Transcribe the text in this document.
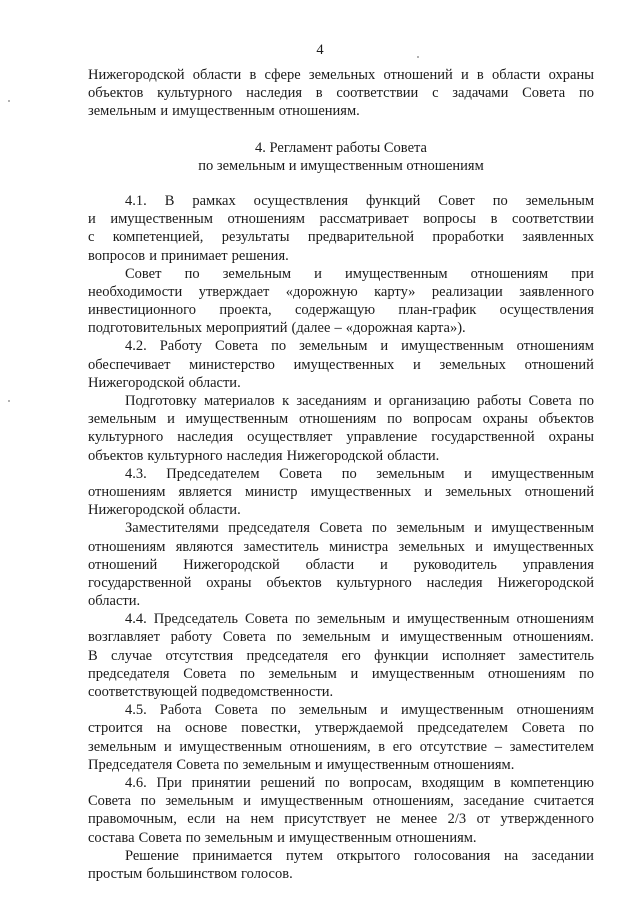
4
Нижегородской области в сфере земельных отношений и в области охраны
объектов культурного наследия в соответствии с задачами Совета по
земельным и имущественным отношениям.
4. Регламент работы Совета
по земельным и имущественным отношениям
4.1. В рамках осуществления функций Совет по земельным
и имущественным отношениям рассматривает вопросы в соответствии
с компетенцией, результаты предварительной проработки заявленных
вопросов и принимает решения.
Совет по земельным и имущественным отношениям при
необходимости утверждает «дорожную карту» реализации заявленного
инвестиционного проекта, содержащую план-график осуществления
подготовительных мероприятий (далее – «дорожная карта»).
4.2. Работу Совета по земельным и имущественным отношениям
обеспечивает министерство имущественных и земельных отношений
Нижегородской области.
Подготовку материалов к заседаниям и организацию работы Совета по
земельным и имущественным отношениям по вопросам охраны объектов
культурного наследия осуществляет управление государственной охраны
объектов культурного наследия Нижегородской области.
4.3. Председателем Совета по земельным и имущественным
отношениям является министр имущественных и земельных отношений
Нижегородской области.
Заместителями председателя Совета по земельным и имущественным
отношениям являются заместитель министра земельных и имущественных
отношений Нижегородской области и руководитель управления
государственной охраны объектов культурного наследия Нижегородской
области.
4.4. Председатель Совета по земельным и имущественным отношениям
возглавляет работу Совета по земельным и имущественным отношениям.
В случае отсутствия председателя его функции исполняет заместитель
председателя Совета по земельным и имущественным отношениям по
соответствующей подведомственности.
4.5. Работа Совета по земельным и имущественным отношениям
строится на основе повестки, утверждаемой председателем Совета по
земельным и имущественным отношениям, в его отсутствие – заместителем
Председателя Совета по земельным и имущественным отношениям.
4.6. При принятии решений по вопросам, входящим в компетенцию
Совета по земельным и имущественным отношениям, заседание считается
правомочным, если на нем присутствует не менее 2/3 от утвержденного
состава Совета по земельным и имущественным отношениям.
Решение принимается путем открытого голосования на заседании
простым большинством голосов.
